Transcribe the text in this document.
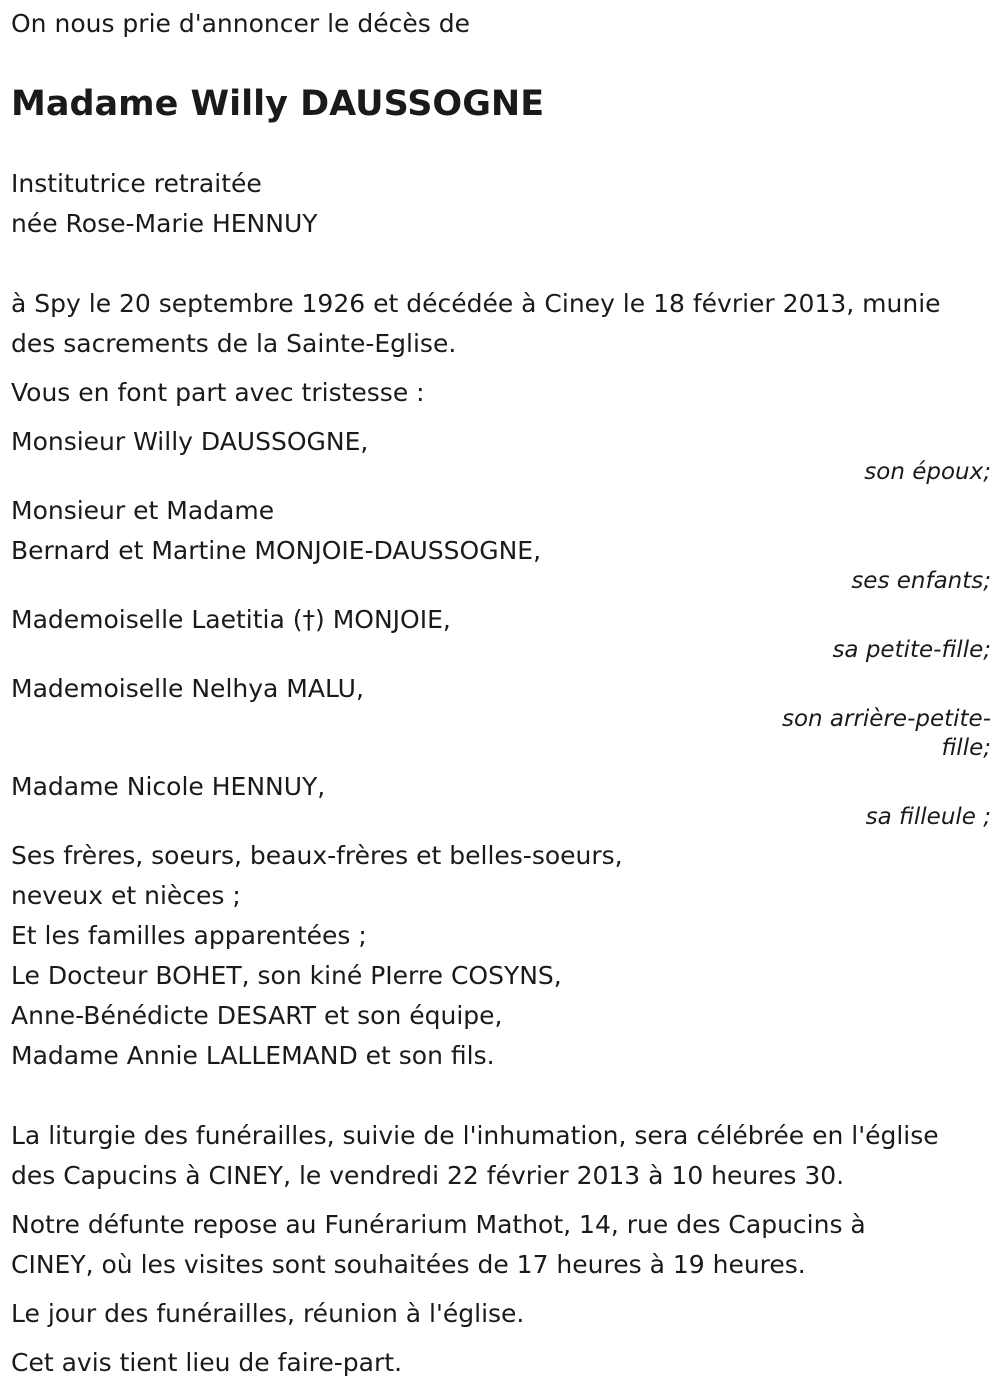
On nous prie d'annoncer le décès de
Madame Willy DAUSSOGNE
Institutrice retraitée
née Rose-Marie HENNUY
à Spy le 20 septembre 1926 et décédée à Ciney le 18 février 2013, munie
des sacrements de la Sainte-Eglise.
Vous en font part avec tristesse :
Monsieur Willy DAUSSOGNE,
son époux;
Monsieur et Madame
Bernard et Martine MONJOIE-DAUSSOGNE,
ses enfants;
Mademoiselle Laetitia (†) MONJOIE,
sa petite-fille;
Mademoiselle Nelhya MALU,
son arrière-petite-fille;
Madame Nicole HENNUY,
sa filleule ;
Ses frères, soeurs, beaux-frères et belles-soeurs,
neveux et nièces ;
Et les familles apparentées ;
Le Docteur BOHET, son kiné PIerre COSYNS,
Anne-Bénédicte DESART et son équipe,
Madame Annie LALLEMAND et son fils.
La liturgie des funérailles, suivie de l'inhumation, sera célébrée en l'église
des Capucins à CINEY, le vendredi 22 février 2013 à 10 heures 30.
Notre défunte repose au Funérarium Mathot, 14, rue des Capucins à
CINEY, où les visites sont souhaitées de 17 heures à 19 heures.
Le jour des funérailles, réunion à l'église.
Cet avis tient lieu de faire-part.
